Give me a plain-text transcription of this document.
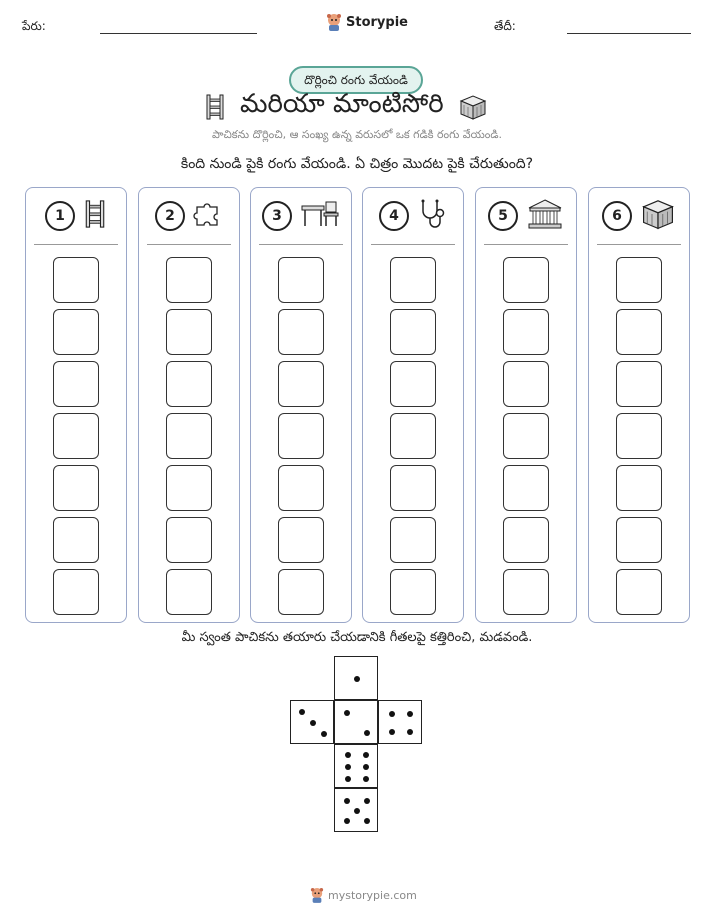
పేరు:	Storypie	తేదీ:
దొర్లించి రంగు వేయండి
మరియా మాంటిసోరి
పాచికను దొర్లించి, ఆ సంఖ్య ఉన్న వరుసలో ఒక గడికి రంగు వేయండి.
కింది నుండి పైకి రంగు వేయండి. ఏ చిత్రం మొదట పైకి చేరుతుంది?
1	2	3	4	5	6
మీ స్వంత పాచికను తయారు చేయడానికి గీతలపై కత్తిరించి, మడవండి.
mystorypie.com
